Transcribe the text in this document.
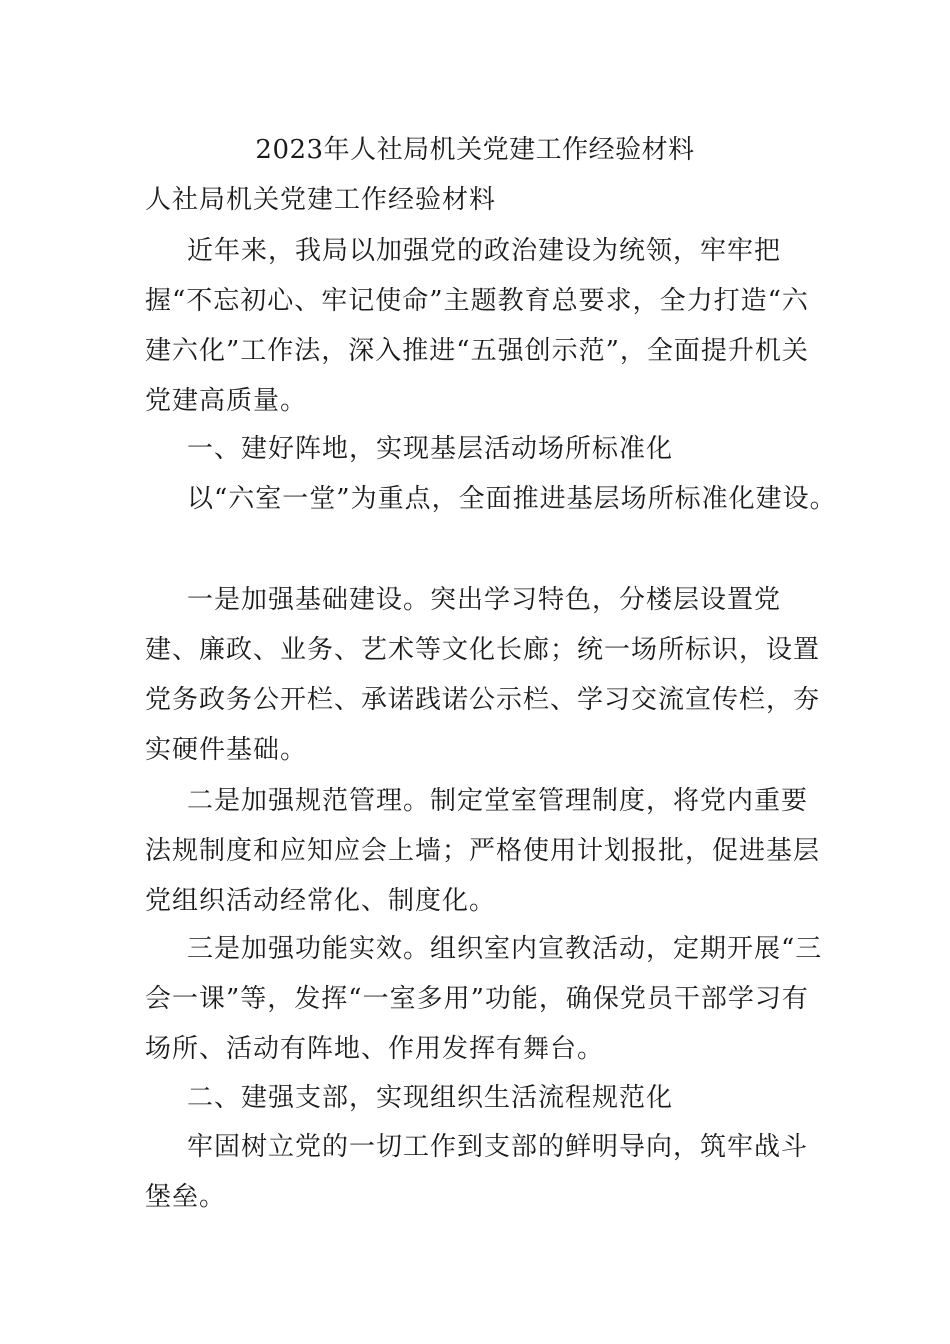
2023年人社局机关党建工作经验材料
人社局机关党建工作经验材料
近年来，我局以加强党的政治建设为统领，牢牢把握“不忘初心、牢记使命”主题教育总要求，全力打造“六建六化”工作法，深入推进“五强创示范”，全面提升机关党建高质量。
一、建好阵地，实现基层活动场所标准化
以“六室一堂”为重点，全面推进基层场所标准化建设。
一是加强基础建设。突出学习特色，分楼层设置党建、廉政、业务、艺术等文化长廊；统一场所标识，设置党务政务公开栏、承诺践诺公示栏、学习交流宣传栏，夯实硬件基础。
二是加强规范管理。制定堂室管理制度，将党内重要法规制度和应知应会上墙；严格使用计划报批，促进基层党组织活动经常化、制度化。
三是加强功能实效。组织室内宣教活动，定期开展“三会一课”等，发挥“一室多用”功能，确保党员干部学习有场所、活动有阵地、作用发挥有舞台。
二、建强支部，实现组织生活流程规范化
牢固树立党的一切工作到支部的鲜明导向，筑牢战斗堡垒。
